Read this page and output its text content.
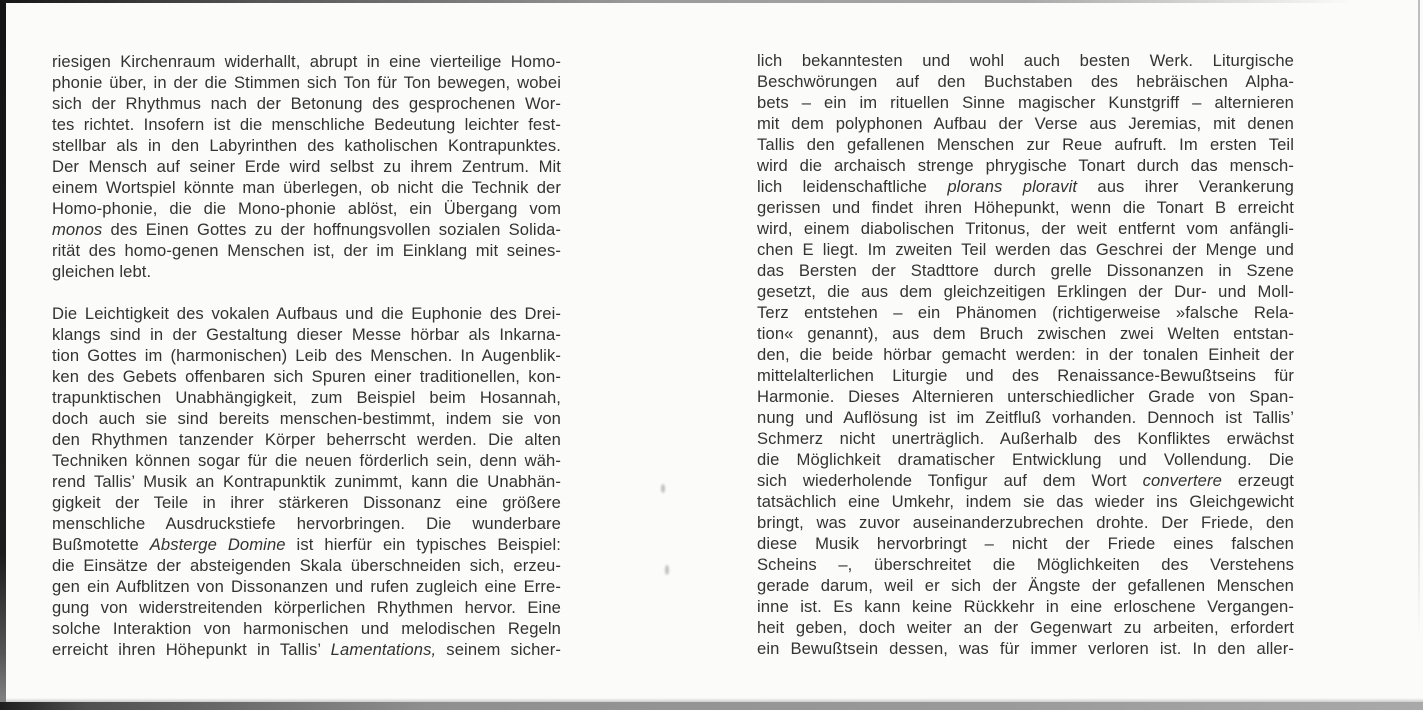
riesigen Kirchenraum widerhallt, abrupt in eine vierteilige Homo-
phonie über, in der die Stimmen sich Ton für Ton bewegen, wobei
sich der Rhythmus nach der Betonung des gesprochenen Wor-
tes richtet. Insofern ist die menschliche Bedeutung leichter fest-
stellbar als in den Labyrinthen des katholischen Kontrapunktes.
Der Mensch auf seiner Erde wird selbst zu ihrem Zentrum. Mit
einem Wortspiel könnte man überlegen, ob nicht die Technik der
Homo-phonie, die die Mono-phonie ablöst, ein Übergang vom
monos des Einen Gottes zu der hoffnungsvollen sozialen Solida-
rität des homo-genen Menschen ist, der im Einklang mit seines-
gleichen lebt.
Die Leichtigkeit des vokalen Aufbaus und die Euphonie des Drei-
klangs sind in der Gestaltung dieser Messe hörbar als Inkarna-
tion Gottes im (harmonischen) Leib des Menschen. In Augenblik-
ken des Gebets offenbaren sich Spuren einer traditionellen, kon-
trapunktischen Unabhängigkeit, zum Beispiel beim Hosannah,
doch auch sie sind bereits menschen-bestimmt, indem sie von
den Rhythmen tanzender Körper beherrscht werden. Die alten
Techniken können sogar für die neuen förderlich sein, denn wäh-
rend Tallis’ Musik an Kontrapunktik zunimmt, kann die Unabhän-
gigkeit der Teile in ihrer stärkeren Dissonanz eine größere
menschliche Ausdruckstiefe hervorbringen. Die wunderbare
Bußmotette Absterge Domine ist hierfür ein typisches Beispiel:
die Einsätze der absteigenden Skala überschneiden sich, erzeu-
gen ein Aufblitzen von Dissonanzen und rufen zugleich eine Erre-
gung von widerstreitenden körperlichen Rhythmen hervor. Eine
solche Interaktion von harmonischen und melodischen Regeln
erreicht ihren Höhepunkt in Tallis’ Lamentations, seinem sicher-
lich bekanntesten und wohl auch besten Werk. Liturgische
Beschwörungen auf den Buchstaben des hebräischen Alpha-
bets – ein im rituellen Sinne magischer Kunstgriff – alternieren
mit dem polyphonen Aufbau der Verse aus Jeremias, mit denen
Tallis den gefallenen Menschen zur Reue aufruft. Im ersten Teil
wird die archaisch strenge phrygische Tonart durch das mensch-
lich leidenschaftliche plorans ploravit aus ihrer Verankerung
gerissen und findet ihren Höhepunkt, wenn die Tonart B erreicht
wird, einem diabolischen Tritonus, der weit entfernt vom anfängli-
chen E liegt. Im zweiten Teil werden das Geschrei der Menge und
das Bersten der Stadttore durch grelle Dissonanzen in Szene
gesetzt, die aus dem gleichzeitigen Erklingen der Dur- und Moll-
Terz entstehen – ein Phänomen (richtigerweise »falsche Rela-
tion« genannt), aus dem Bruch zwischen zwei Welten entstan-
den, die beide hörbar gemacht werden: in der tonalen Einheit der
mittelalterlichen Liturgie und des Renaissance-Bewußtseins für
Harmonie. Dieses Alternieren unterschiedlicher Grade von Span-
nung und Auflösung ist im Zeitfluß vorhanden. Dennoch ist Tallis’
Schmerz nicht unerträglich. Außerhalb des Konfliktes erwächst
die Möglichkeit dramatischer Entwicklung und Vollendung. Die
sich wiederholende Tonfigur auf dem Wort convertere erzeugt
tatsächlich eine Umkehr, indem sie das wieder ins Gleichgewicht
bringt, was zuvor auseinanderzubrechen drohte. Der Friede, den
diese Musik hervorbringt – nicht der Friede eines falschen
Scheins –, überschreitet die Möglichkeiten des Verstehens
gerade darum, weil er sich der Ängste der gefallenen Menschen
inne ist. Es kann keine Rückkehr in eine erloschene Vergangen-
heit geben, doch weiter an der Gegenwart zu arbeiten, erfordert
ein Bewußtsein dessen, was für immer verloren ist. In den aller-
